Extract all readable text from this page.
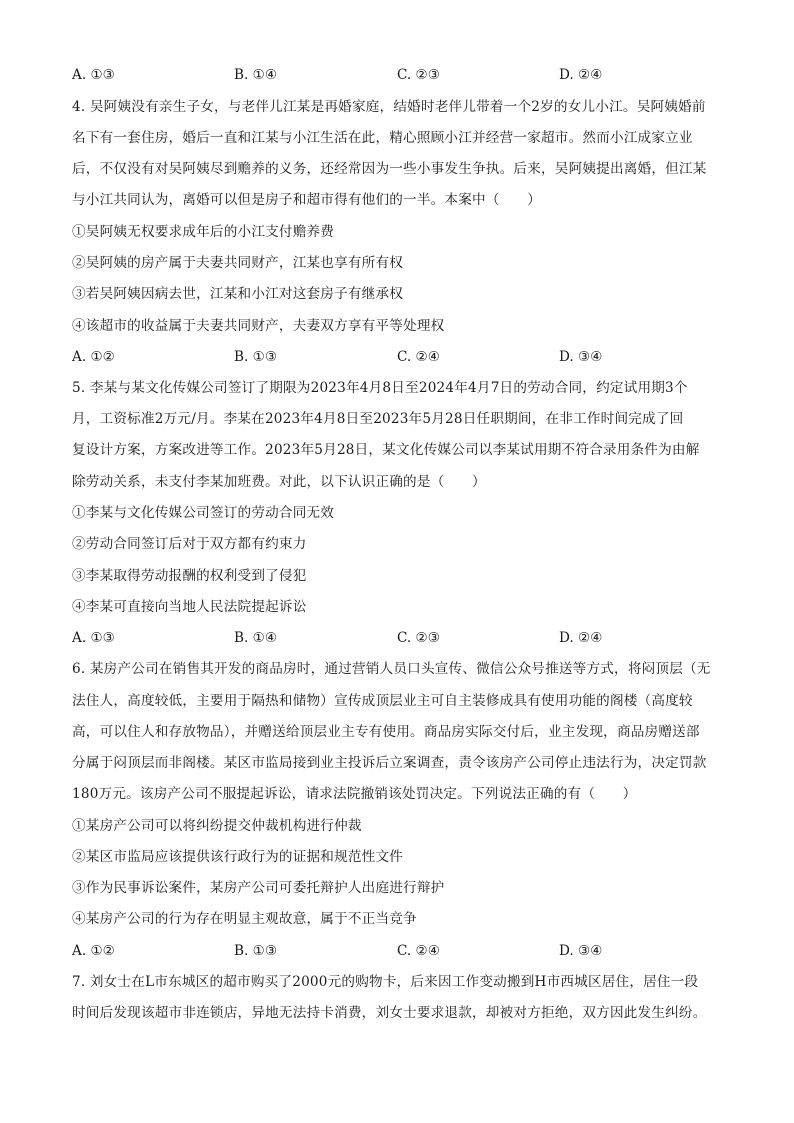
A. ①③	B. ①④	C. ②③	D. ②④
4. 吴阿姨没有亲生子女，与老伴儿江某是再婚家庭，结婚时老伴儿带着一个2岁的女儿小江。吴阿姨婚前
名下有一套住房，婚后一直和江某与小江生活在此，精心照顾小江并经营一家超市。然而小江成家立业
后，不仅没有对吴阿姨尽到赡养的义务，还经常因为一些小事发生争执。后来，吴阿姨提出离婚，但江某
与小江共同认为，离婚可以但是房子和超市得有他们的一半。本案中（　　）
①吴阿姨无权要求成年后的小江支付赡养费
②吴阿姨的房产属于夫妻共同财产，江某也享有所有权
③若吴阿姨因病去世，江某和小江对这套房子有继承权
④该超市的收益属于夫妻共同财产，夫妻双方享有平等处理权
A. ①②	B. ①③	C. ②④	D. ③④
5. 李某与某文化传媒公司签订了期限为2023年4月8日至2024年4月7日的劳动合同，约定试用期3个
月，工资标准2万元/月。李某在2023年4月8日至2023年5月28日任职期间，在非工作时间完成了回
复设计方案，方案改进等工作。2023年5月28日，某文化传媒公司以李某试用期不符合录用条件为由解
除劳动关系，未支付李某加班费。对此，以下认识正确的是（　　）
①李某与文化传媒公司签订的劳动合同无效
②劳动合同签订后对于双方都有约束力
③李某取得劳动报酬的权利受到了侵犯
④李某可直接向当地人民法院提起诉讼
A. ①③	B. ①④	C. ②③	D. ②④
6. 某房产公司在销售其开发的商品房时，通过营销人员口头宣传、微信公众号推送等方式，将闷顶层（无
法住人，高度较低，主要用于隔热和储物）宣传成顶层业主可自主装修成具有使用功能的阁楼（高度较
高，可以住人和存放物品），并赠送给顶层业主专有使用。商品房实际交付后，业主发现，商品房赠送部
分属于闷顶层而非阁楼。某区市监局接到业主投诉后立案调查，责令该房产公司停止违法行为，决定罚款
180万元。该房产公司不服提起诉讼，请求法院撤销该处罚决定。下列说法正确的有（　　）
①某房产公司可以将纠纷提交仲裁机构进行仲裁
②某区市监局应该提供该行政行为的证据和规范性文件
③作为民事诉讼案件，某房产公司可委托辩护人出庭进行辩护
④某房产公司的行为存在明显主观故意，属于不正当竞争
A. ①②	B. ①③	C. ②④	D. ③④
7. 刘女士在L市东城区的超市购买了2000元的购物卡，后来因工作变动搬到H市西城区居住，居住一段
时间后发现该超市非连锁店，异地无法持卡消费，刘女士要求退款，却被对方拒绝，双方因此发生纠纷。
